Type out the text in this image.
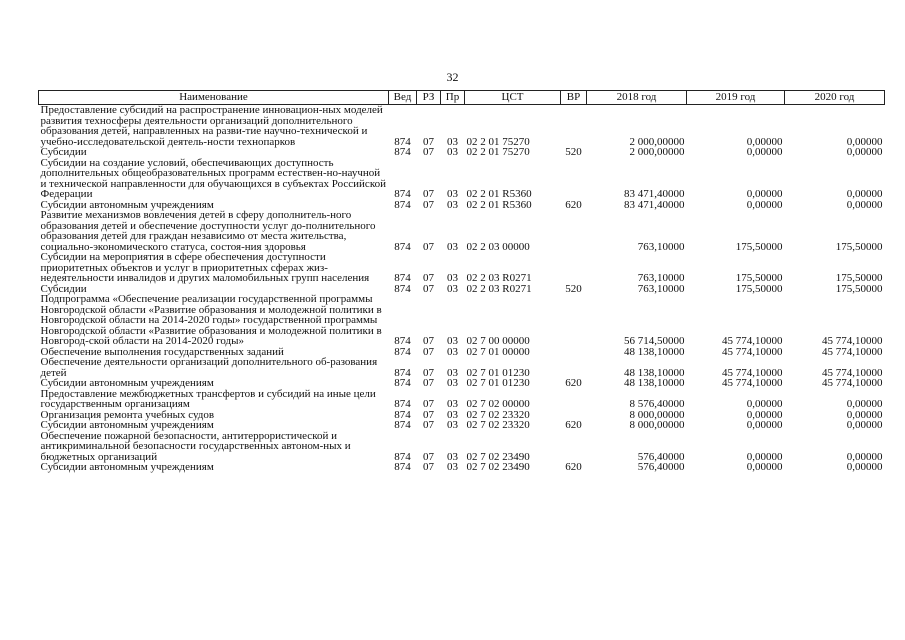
32
Наименование	Вед	РЗ	Пр	ЦСТ	ВР	2018 год	2019 год	2020 год
Предоставление субсидий на распространение инновацион-ных моделей развития техносферы деятельности организаций дополнительного образования детей, направленных на разви-тие научно-технической и учебно-исследовательской деятель-ности технопарков	874	07	03	02 2 01 75270		2 000,00000	0,00000	0,00000
Субсидии	874	07	03	02 2 01 75270	520	2 000,00000	0,00000	0,00000
Субсидии на создание условий, обеспечивающих доступность дополнительных общеобразовательных программ естествен-но-научной и технической направленности для обучающихся в субъектах Российской Федерации	874	07	03	02 2 01 R5360		83 471,40000	0,00000	0,00000
Субсидии автономным учреждениям	874	07	03	02 2 01 R5360	620	83 471,40000	0,00000	0,00000
Развитие механизмов вовлечения детей в сферу дополнитель-ного образования детей и обеспечение доступности услуг до-полнительного образования детей для граждан независимо от места жительства, социально-экономического статуса, состоя-ния здоровья	874	07	03	02 2 03 00000		763,10000	175,50000	175,50000
Субсидии на мероприятия в сфере обеспечения доступности приоритетных объектов и услуг в приоритетных сферах жиз-недеятельности инвалидов и других маломобильных групп населения	874	07	03	02 2 03 R0271		763,10000	175,50000	175,50000
Субсидии	874	07	03	02 2 03 R0271	520	763,10000	175,50000	175,50000
Подпрограмма «Обеспечение реализации государственной программы Новгородской области «Развитие образования и молодежной политики в Новгородской области на 2014-2020 годы» государственной программы Новгородской области «Развитие образования и молодежной политики в Новгород-ской области на 2014-2020 годы»	874	07	03	02 7 00 00000		56 714,50000	45 774,10000	45 774,10000
Обеспечение выполнения государственных заданий	874	07	03	02 7 01 00000		48 138,10000	45 774,10000	45 774,10000
Обеспечение деятельности организаций дополнительного об-разования детей	874	07	03	02 7 01 01230		48 138,10000	45 774,10000	45 774,10000
Субсидии автономным учреждениям	874	07	03	02 7 01 01230	620	48 138,10000	45 774,10000	45 774,10000
Предоставление межбюджетных трансфертов и субсидий на иные цели государственным организациям	874	07	03	02 7 02 00000		8 576,40000	0,00000	0,00000
Организация ремонта учебных судов	874	07	03	02 7 02 23320		8 000,00000	0,00000	0,00000
Субсидии автономным учреждениям	874	07	03	02 7 02 23320	620	8 000,00000	0,00000	0,00000
Обеспечение пожарной безопасности, антитеррористической и антикриминальной безопасности государственных автоном-ных и бюджетных организаций	874	07	03	02 7 02 23490		576,40000	0,00000	0,00000
Субсидии автономным учреждениям	874	07	03	02 7 02 23490	620	576,40000	0,00000	0,00000
